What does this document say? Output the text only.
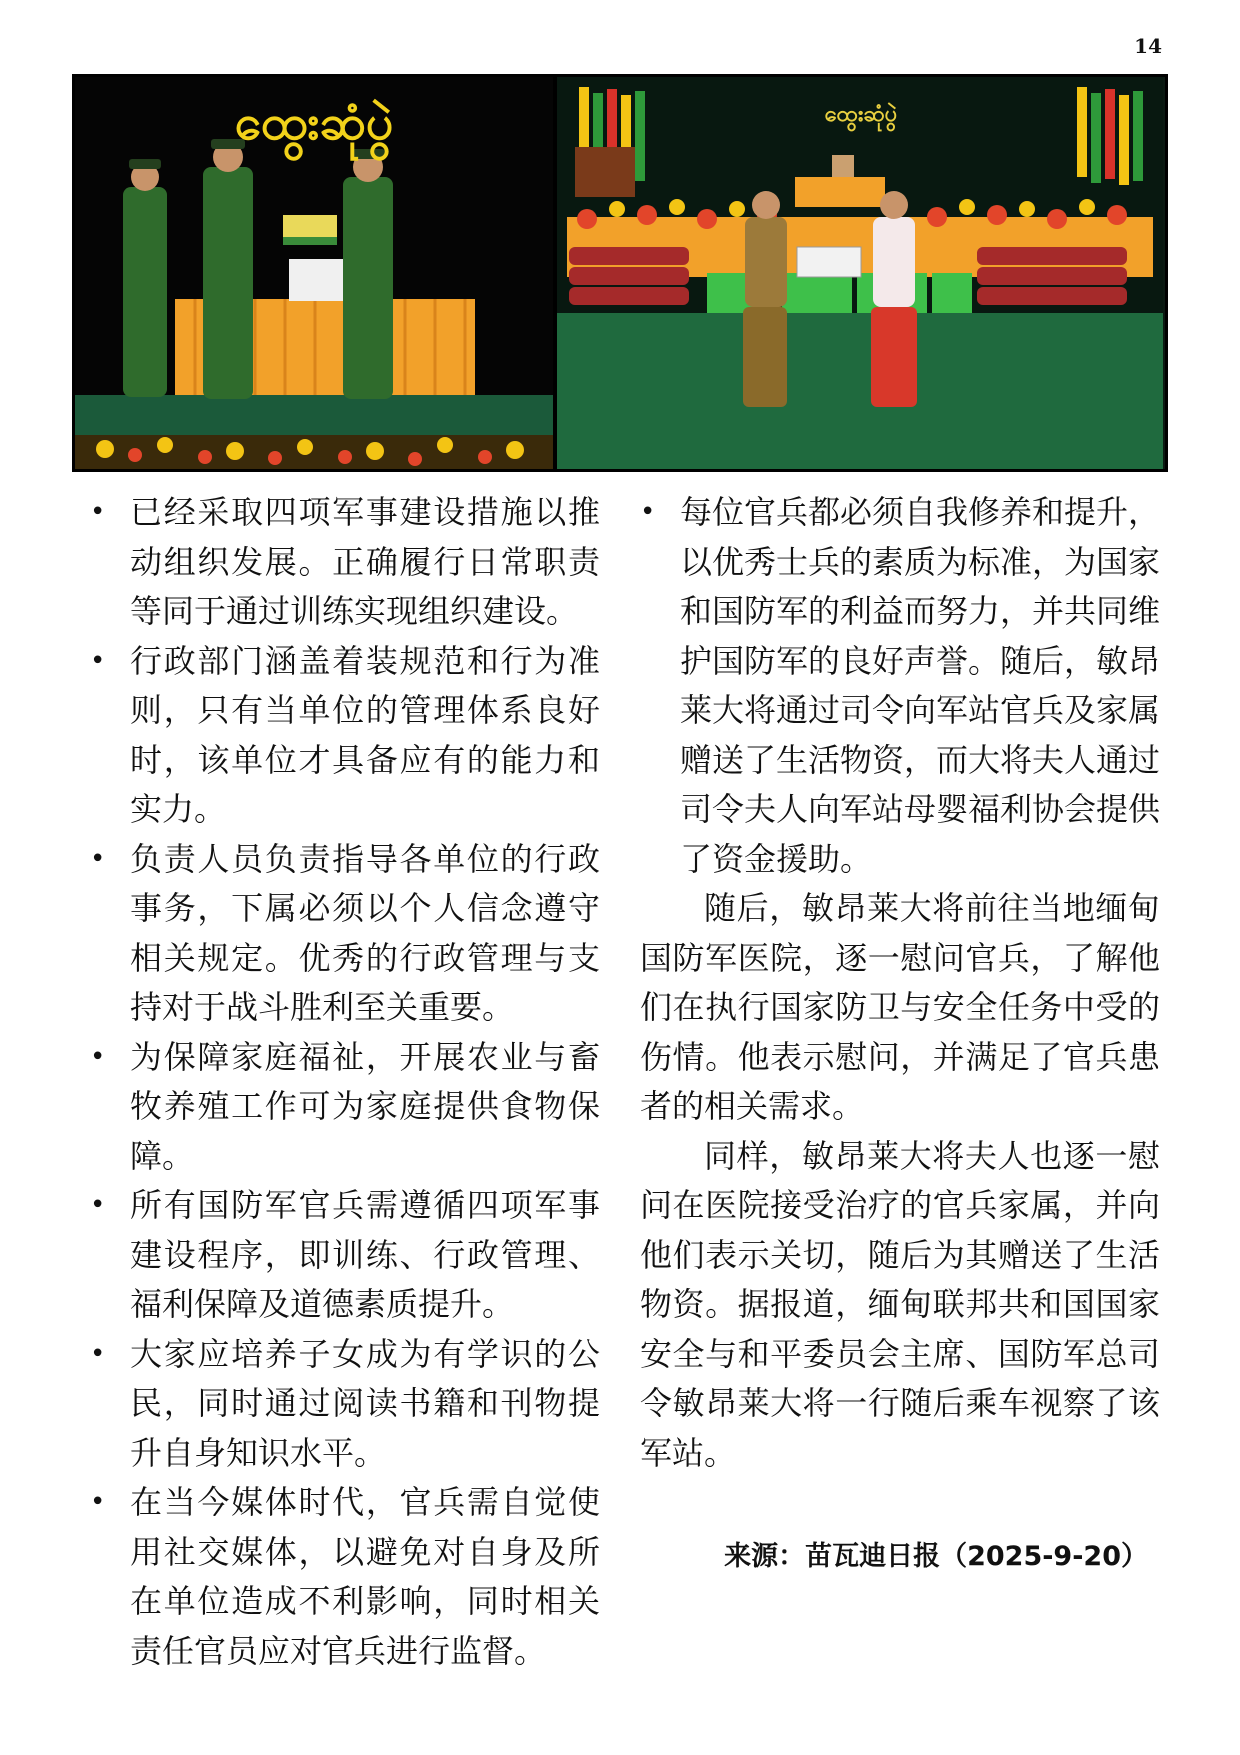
14
ထွေးဆုံပွဲ	ထွေးဆုံပွဲ
• 已经采取四项军事建设措施以推动组织发展。正确履行日常职责等同于通过训练实现组织建设。
• 行政部门涵盖着装规范和行为准则，只有当单位的管理体系良好时，该单位才具备应有的能力和实力。
• 负责人员负责指导各单位的行政事务，下属必须以个人信念遵守相关规定。优秀的行政管理与支持对于战斗胜利至关重要。
• 为保障家庭福祉，开展农业与畜牧养殖工作可为家庭提供食物保障。
• 所有国防军官兵需遵循四项军事建设程序，即训练、行政管理、福利保障及道德素质提升。
• 大家应培养子女成为有学识的公民，同时通过阅读书籍和刊物提升自身知识水平。
• 在当今媒体时代，官兵需自觉使用社交媒体，以避免对自身及所在单位造成不利影响，同时相关责任官员应对官兵进行监督。
• 每位官兵都必须自我修养和提升，以优秀士兵的素质为标准，为国家和国防军的利益而努力，并共同维护国防军的良好声誉。随后，敏昂莱大将通过司令向军站官兵及家属赠送了生活物资，而大将夫人通过司令夫人向军站母婴福利协会提供了资金援助。

随后，敏昂莱大将前往当地缅甸国防军医院，逐一慰问官兵，了解他们在执行国家防卫与安全任务中受的伤情。他表示慰问，并满足了官兵患者的相关需求。

同样，敏昂莱大将夫人也逐一慰问在医院接受治疗的官兵家属，并向他们表示关切，随后为其赠送了生活物资。据报道，缅甸联邦共和国国家安全与和平委员会主席、国防军总司令敏昂莱大将一行随后乘车视察了该军站。

来源：苗瓦迪日报（2025-9-20）
